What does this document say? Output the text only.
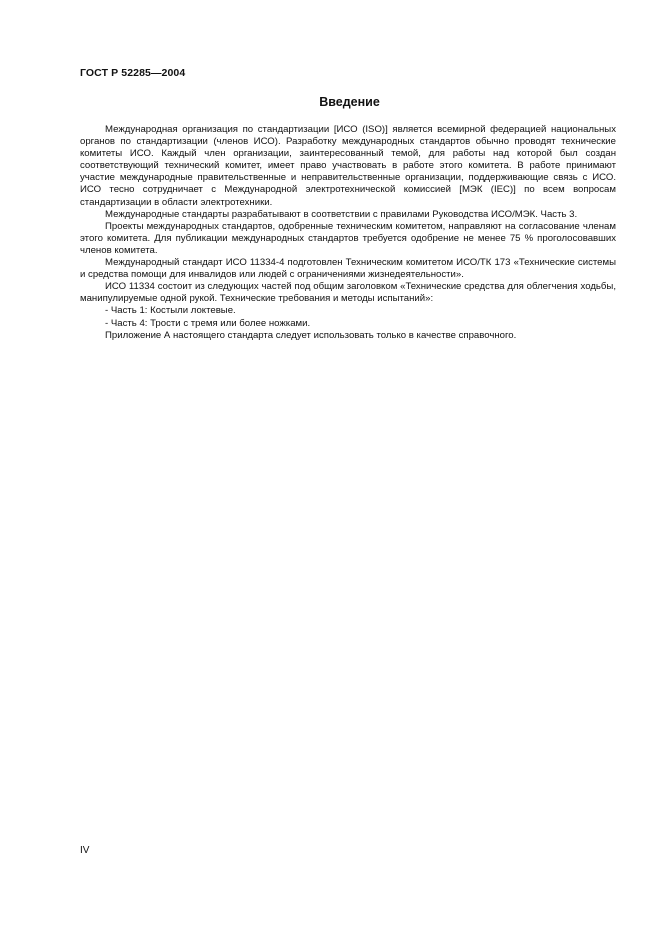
ГОСТ Р 52285—2004
Введение

Международная организация по стандартизации [ИСО (ISO)] является всемирной федерацией национальных органов по стандартизации (членов ИСО). Разработку международных стандартов обычно проводят технические комитеты ИСО. Каждый член организации, заинтересованный темой, для работы над которой был создан соответствующий технический комитет, имеет право участвовать в работе этого комитета. В работе принимают участие международные правительственные и неправительственные организации, поддерживающие связь с ИСО. ИСО тесно сотрудничает с Международной электротехнической комиссией [МЭК (IEC)] по всем вопросам стандартизации в области электротехники.

Международные стандарты разрабатывают в соответствии с правилами Руководства ИСО/МЭК. Часть 3.

Проекты международных стандартов, одобренные техническим комитетом, направляют на согласование членам этого комитета. Для публикации международных стандартов требуется одобрение не менее 75 % проголосовавших членов комитета.

Международный стандарт ИСО 11334-4 подготовлен Техническим комитетом ИСО/ТК 173 «Технические системы и средства помощи для инвалидов или людей с ограничениями жизнедеятельности».

ИСО 11334 состоит из следующих частей под общим заголовком «Технические средства для облегчения ходьбы, манипулируемые одной рукой. Технические требования и методы испытаний»:

- Часть 1: Костыли локтевые.

- Часть 4: Трости с тремя или более ножками.

Приложение А настоящего стандарта следует использовать только в качестве справочного.

IV
